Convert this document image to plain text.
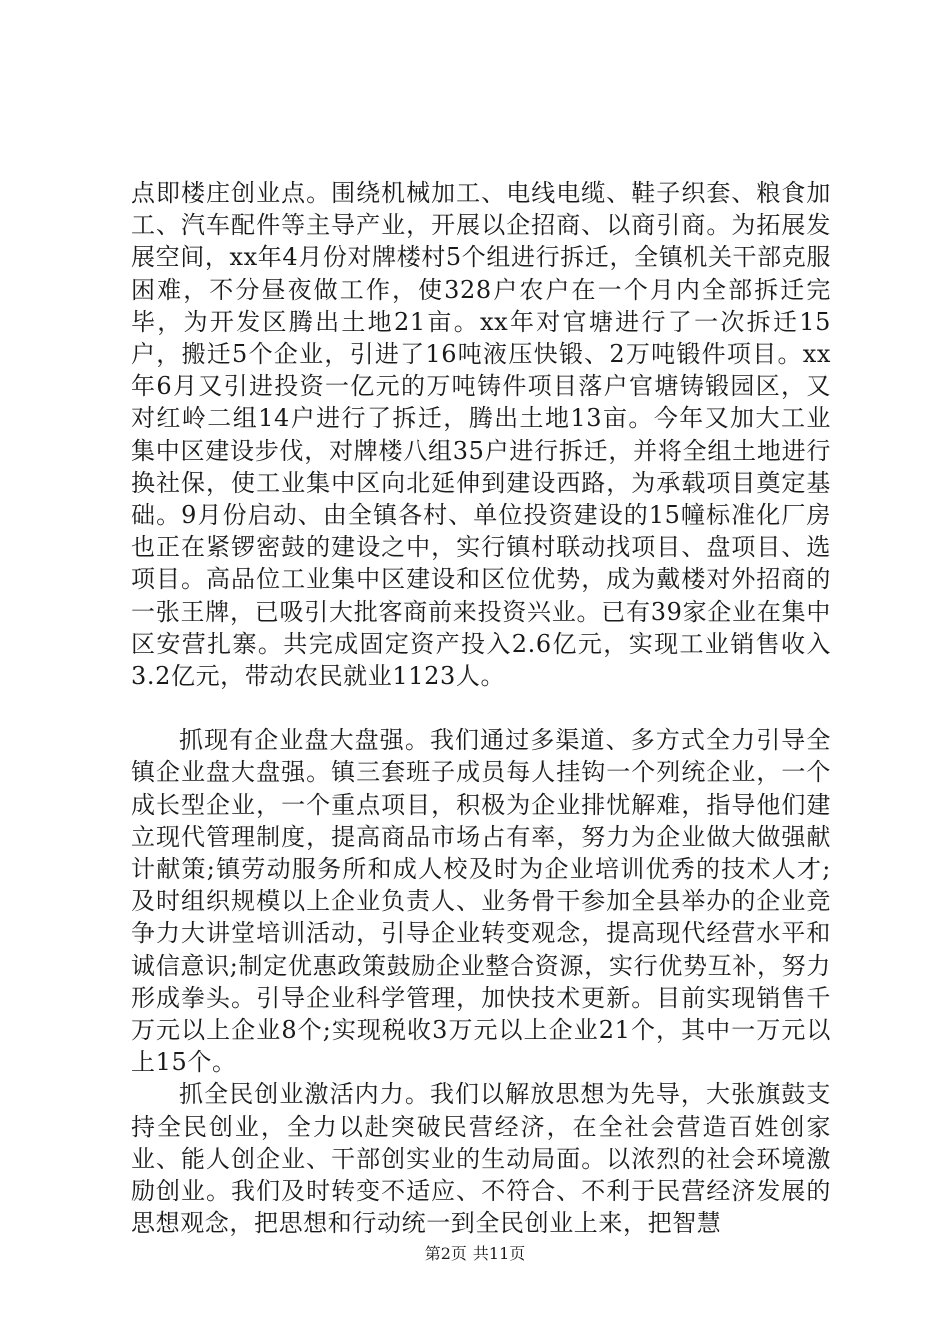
点即楼庄创业点。围绕机械加工、电线电缆、鞋子织套、粮食加工、汽车配件等主导产业，开展以企招商、以商引商。为拓展发展空间，xx年4月份对牌楼村5个组进行拆迁，全镇机关干部克服困难，不分昼夜做工作，使328户农户在一个月内全部拆迁完毕，为开发区腾出土地21亩。xx年对官塘进行了一次拆迁15户，搬迁5个企业，引进了16吨液压快锻、2万吨锻件项目。xx年6月又引进投资一亿元的万吨铸件项目落户官塘铸锻园区，又对红岭二组14户进行了拆迁，腾出土地13亩。今年又加大工业集中区建设步伐，对牌楼八组35户进行拆迁，并将全组土地进行换社保，使工业集中区向北延伸到建设西路，为承载项目奠定基础。9月份启动、由全镇各村、单位投资建设的15幢标准化厂房也正在紧锣密鼓的建设之中，实行镇村联动找项目、盘项目、选项目。高品位工业集中区建设和区位优势，成为戴楼对外招商的一张王牌，已吸引大批客商前来投资兴业。已有39家企业在集中区安营扎寨。共完成固定资产投入2.6亿元，实现工业销售收入3.2亿元，带动农民就业1123人。

抓现有企业盘大盘强。我们通过多渠道、多方式全力引导全镇企业盘大盘强。镇三套班子成员每人挂钩一个列统企业，一个成长型企业，一个重点项目，积极为企业排忧解难，指导他们建立现代管理制度，提高商品市场占有率，努力为企业做大做强献计献策;镇劳动服务所和成人校及时为企业培训优秀的技术人才;及时组织规模以上企业负责人、业务骨干参加全县举办的企业竞争力大讲堂培训活动，引导企业转变观念，提高现代经营水平和诚信意识;制定优惠政策鼓励企业整合资源，实行优势互补，努力形成拳头。引导企业科学管理，加快技术更新。目前实现销售千万元以上企业8个;实现税收3万元以上企业21个，其中一万元以上15个。

抓全民创业激活内力。我们以解放思想为先导，大张旗鼓支持全民创业，全力以赴突破民营经济，在全社会营造百姓创家业、能人创企业、干部创实业的生动局面。以浓烈的社会环境激励创业。我们及时转变不适应、不符合、不利于民营经济发展的思想观念，把思想和行动统一到全民创业上来，把智慧

第2页 共11页
